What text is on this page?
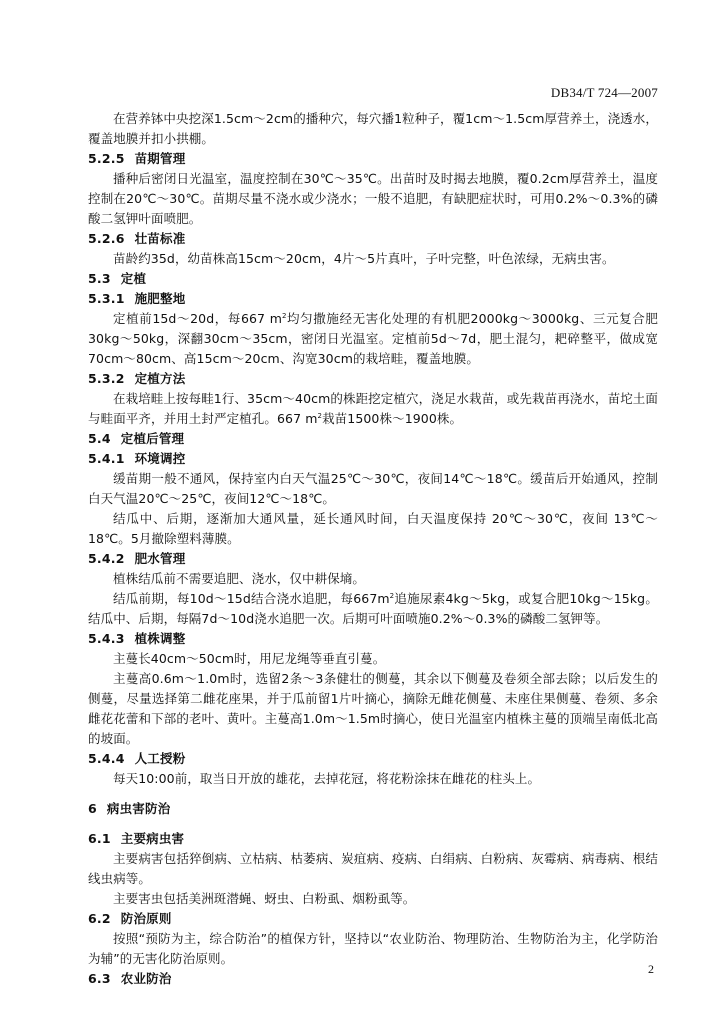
DB34/T 724—2007

在营养钵中央挖深1.5cm～2cm的播种穴，每穴播1粒种子，覆1cm～1.5cm厚营养土，浇透水，覆盖地膜并扣小拱棚。

5.2.5 苗期管理

播种后密闭日光温室，温度控制在30℃～35℃。出苗时及时揭去地膜，覆0.2cm厚营养土，温度控制在20℃～30℃。苗期尽量不浇水或少浇水；一般不追肥，有缺肥症状时，可用0.2%～0.3%的磷酸二氢钾叶面喷肥。

5.2.6 壮苗标准

苗龄约35d，幼苗株高15cm～20cm，4片～5片真叶，子叶完整，叶色浓绿，无病虫害。

5.3 定植
5.3.1 施肥整地

定植前15d～20d，每667 $m^2$均匀撒施经无害化处理的有机肥2000kg～3000kg、三元复合肥30kg～50kg，深翻30cm～35cm，密闭日光温室。定植前5d～7d，肥土混匀，耙碎整平，做成宽70cm～80cm、高15cm～20cm、沟宽30cm的栽培畦，覆盖地膜。

5.3.2 定植方法

在栽培畦上按每畦1行、35cm～40cm的株距挖定植穴，浇足水栽苗，或先栽苗再浇水，苗坨土面与畦面平齐，并用土封严定植孔。667 $m^2$栽苗1500株～1900株。

5.4 定植后管理
5.4.1 环境调控

缓苗期一般不通风，保持室内白天气温25℃～30℃，夜间14℃～18℃。缓苗后开始通风，控制白天气温20℃～25℃，夜间12℃～18℃。

结瓜中、后期，逐渐加大通风量，延长通风时间，白天温度保持 20℃～30℃，夜间 13℃～18℃。5月撤除塑料薄膜。

5.4.2 肥水管理

植株结瓜前不需要追肥、浇水，仅中耕保墒。

结瓜前期，每10d～15d结合浇水追肥，每$667m^2$追施尿素4kg～5kg，或复合肥10kg～15kg。结瓜中、后期，每隔7d～10d浇水追肥一次。后期可叶面喷施0.2%～0.3%的磷酸二氢钾等。

5.4.3 植株调整

主蔓长40cm～50cm时，用尼龙绳等垂直引蔓。

主蔓高0.6m～1.0m时，选留2条～3条健壮的侧蔓，其余以下侧蔓及卷须全部去除；以后发生的侧蔓，尽量选择第二雌花座果，并于瓜前留1片叶摘心，摘除无雌花侧蔓、未座住果侧蔓、卷须、多余雌花花蕾和下部的老叶、黄叶。主蔓高1.0m～1.5m时摘心，使日光温室内植株主蔓的顶端呈南低北高的坡面。

5.4.4 人工授粉

每天10:00前，取当日开放的雄花，去掉花冠，将花粉涂抹在雌花的柱头上。

6 病虫害防治
6.1 主要病虫害

主要病害包括猝倒病、立枯病、枯萎病、炭疽病、疫病、白绢病、白粉病、灰霉病、病毒病、根结线虫病等。

主要害虫包括美洲斑潜蝇、蚜虫、白粉虱、烟粉虱等。

6.2 防治原则

按照“预防为主，综合防治”的植保方针，坚持以“农业防治、物理防治、生物防治为主，化学防治为辅”的无害化防治原则。

6.3 农业防治
2
